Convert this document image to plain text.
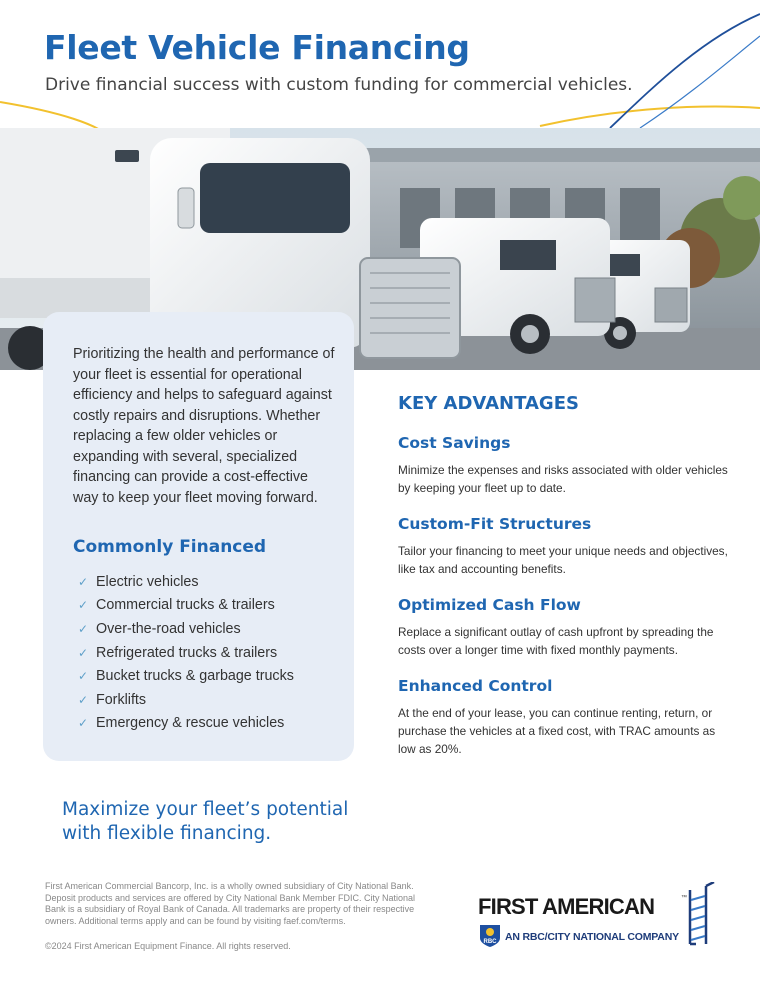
Fleet Vehicle Financing

Drive financial success with custom funding for commercial vehicles.

Prioritizing the health and performance of your fleet is essential for operational efficiency and helps to safeguard against costly repairs and disruptions. Whether replacing a few older vehicles or expanding with several, specialized financing can provide a cost-effective way to keep your fleet moving forward.

Commonly Financed
✓ Electric vehicles
✓ Commercial trucks & trailers
✓ Over-the-road vehicles
✓ Refrigerated trucks & trailers
✓ Bucket trucks & garbage trucks
✓ Forklifts
✓ Emergency & rescue vehicles
KEY ADVANTAGES
Cost Savings

Minimize the expenses and risks associated with older vehicles by keeping your fleet up to date.

Custom-Fit Structures

Tailor your financing to meet your unique needs and objectives, like tax and accounting benefits.

Optimized Cash Flow

Replace a significant outlay of cash upfront by spreading the costs over a longer time with fixed monthly payments.

Enhanced Control

At the end of your lease, you can continue renting, return, or purchase the vehicles at a fixed cost, with TRAC amounts as low as 20%.

Maximize your fleet’s potential with flexible financing.

First American Commercial Bancorp, Inc. is a wholly owned subsidiary of City National Bank. Deposit products and services are offered by City National Bank Member FDIC. City National Bank is a subsidiary of Royal Bank of Canada. All trademarks are property of their respective owners. Additional terms apply and can be found by visiting faef.com/terms.

©2024 First American Equipment Finance. All rights reserved.

FIRST AMERICAN	™
RBC AN RBC/CITY NATIONAL COMPANY
